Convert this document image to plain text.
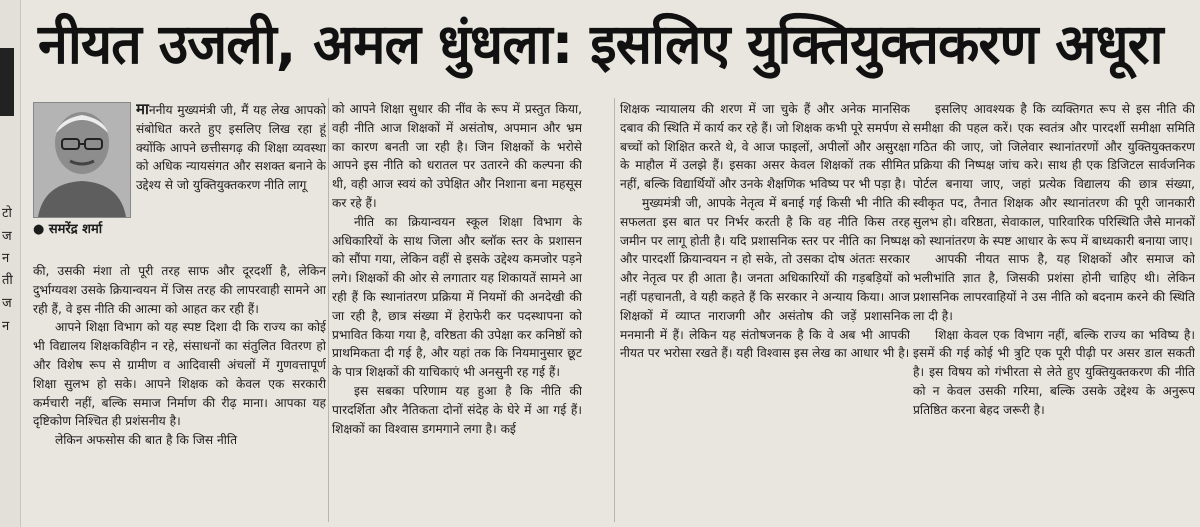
टो
ज
न
ती
ज
न
नीयत उजली, अमल धुंधला: इसलिए युक्तियुक्तकरण अधूरा
● समरेंद्र शर्मा

माननीय मुख्यमंत्री जी, मैं यह लेख आपको संबोधित करते हुए इसलिए लिख रहा हूं क्योंकि आपने छत्तीसगढ़ की शिक्षा व्यवस्था को अधिक न्यायसंगत और सशक्त बनाने के उद्देश्य से जो युक्तियुक्तकरण नीति लागू

की, उसकी मंशा तो पूरी तरह साफ और दूरदर्शी है, लेकिन दुर्भाग्यवश उसके क्रियान्वयन में जिस तरह की लापरवाही सामने आ रही हैं, वे इस नीति की आत्मा को आहत कर रही हैं।

आपने शिक्षा विभाग को यह स्पष्ट दिशा दी कि राज्य का कोई भी विद्यालय शिक्षकविहीन न रहे, संसाधनों का संतुलित वितरण हो और विशेष रूप से ग्रामीण व आदिवासी अंचलों में गुणवत्तापूर्ण शिक्षा सुलभ हो सके। आपने शिक्षक को केवल एक सरकारी कर्मचारी नहीं, बल्कि समाज निर्माण की रीढ़ माना। आपका यह दृष्टिकोण निश्चित ही प्रशंसनीय है।

लेकिन अफसोस की बात है कि जिस नीति

को आपने शिक्षा सुधार की नींव के रूप में प्रस्तुत किया, वही नीति आज शिक्षकों में असंतोष, अपमान और भ्रम का कारण बनती जा रही है। जिन शिक्षकों के भरोसे आपने इस नीति को धरातल पर उतारने की कल्पना की थी, वही आज स्वयं को उपेक्षित और निशाना बना महसूस कर रहे हैं।

नीति का क्रियान्वयन स्कूल शिक्षा विभाग के अधिकारियों के साथ जिला और ब्लॉक स्तर के प्रशासन को सौंपा गया, लेकिन वहीं से इसके उद्देश्य कमजोर पड़ने लगे। शिक्षकों की ओर से लगातार यह शिकायतें सामने आ रही हैं कि स्थानांतरण प्रक्रिया में नियमों की अनदेखी की जा रही है, छात्र संख्या में हेराफेरी कर पदस्थापना को प्रभावित किया गया है, वरिष्ठता की उपेक्षा कर कनिष्ठों को प्राथमिकता दी गई है, और यहां तक कि नियमानुसार छूट के पात्र शिक्षकों की याचिकाएं भी अनसुनी रह गई हैं।

इस सबका परिणाम यह हुआ है कि नीति की पारदर्शिता और नैतिकता दोनों संदेह के घेरे में आ गई हैं। शिक्षकों का विश्वास डगमगाने लगा है। कई

शिक्षक न्यायालय की शरण में जा चुके हैं और अनेक मानसिक दबाव की स्थिति में कार्य कर रहे हैं। जो शिक्षक कभी पूरे समर्पण से बच्चों को शिक्षित करते थे, वे आज फाइलों, अपीलों और असुरक्षा के माहौल में उलझे हैं। इसका असर केवल शिक्षकों तक सीमित नहीं, बल्कि विद्यार्थियों और उनके शैक्षणिक भविष्य पर भी पड़ा है।

मुख्यमंत्री जी, आपके नेतृत्व में बनाई गई किसी भी नीति की सफलता इस बात पर निर्भर करती है कि वह नीति किस तरह जमीन पर लागू होती है। यदि प्रशासनिक स्तर पर नीति का निष्पक्ष और पारदर्शी क्रियान्वयन न हो सके, तो उसका दोष अंततः सरकार और नेतृत्व पर ही आता है। जनता अधिकारियों की गड़बड़ियों को नहीं पहचानती, वे यही कहते हैं कि सरकार ने अन्याय किया। आज शिक्षकों में व्याप्त नाराजगी और असंतोष की जड़ें प्रशासनिक मनमानी में हैं। लेकिन यह संतोषजनक है कि वे अब भी आपकी नीयत पर भरोसा रखते हैं। यही विश्वास इस लेख का आधार भी है।

इसलिए आवश्यक है कि व्यक्तिगत रूप से इस नीति की समीक्षा की पहल करें। एक स्वतंत्र और पारदर्शी समीक्षा समिति गठित की जाए, जो जिलेवार स्थानांतरणों और युक्तियुक्तकरण प्रक्रिया की निष्पक्ष जांच करे। साथ ही एक डिजिटल सार्वजनिक पोर्टल बनाया जाए, जहां प्रत्येक विद्यालय की छात्र संख्या, स्वीकृत पद, तैनात शिक्षक और स्थानांतरण की पूरी जानकारी सुलभ हो। वरिष्ठता, सेवाकाल, पारिवारिक परिस्थिति जैसे मानकों को स्थानांतरण के स्पष्ट आधार के रूप में बाध्यकारी बनाया जाए।

आपकी नीयत साफ है, यह शिक्षकों और समाज को भलीभांति ज्ञात है, जिसकी प्रशंसा होनी चाहिए थी। लेकिन प्रशासनिक लापरवाहियों ने उस नीति को बदनाम करने की स्थिति ला दी है।

शिक्षा केवल एक विभाग नहीं, बल्कि राज्य का भविष्य है। इसमें की गई कोई भी त्रुटि एक पूरी पीढ़ी पर असर डाल सकती है। इस विषय को गंभीरता से लेते हुए युक्तियुक्तकरण की नीति को न केवल उसकी गरिमा, बल्कि उसके उद्देश्य के अनुरूप प्रतिष्ठित करना बेहद जरूरी है।
